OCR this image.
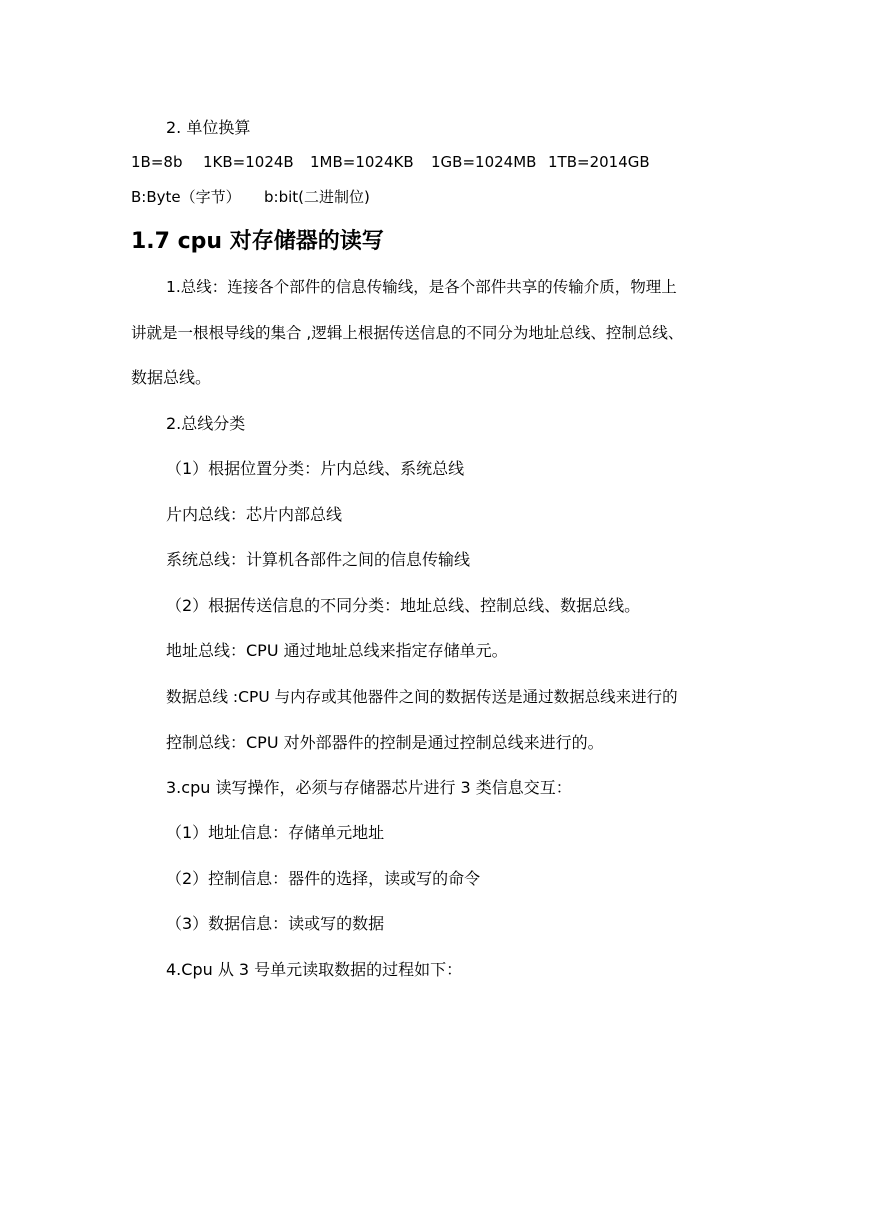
2. 单位换算

1B=8b 1KB=1024B 1MB=1024KB 1GB=1024MB 1TB=2014GB

B:Byte（字节） b:bit(二进制位)

1.7 cpu 对存储器的读写

1.总线：连接各个部件的信息传输线，是各个部件共享的传输介质，物理上

讲就是一根根导线的集合 ,逻辑上根据传送信息的不同分为地址总线、控制总线、

数据总线。

2.总线分类

（1）根据位置分类：片内总线、系统总线

片内总线：芯片内部总线

系统总线：计算机各部件之间的信息传输线

（2）根据传送信息的不同分类：地址总线、控制总线、数据总线。

地址总线：CPU 通过地址总线来指定存储单元。

数据总线 :CPU 与内存或其他器件之间的数据传送是通过数据总线来进行的

控制总线：CPU 对外部器件的控制是通过控制总线来进行的。

3.cpu 读写操作，必须与存储器芯片进行 3 类信息交互：

（1）地址信息：存储单元地址

（2）控制信息：器件的选择，读或写的命令

（3）数据信息：读或写的数据

4.Cpu 从 3 号单元读取数据的过程如下：
